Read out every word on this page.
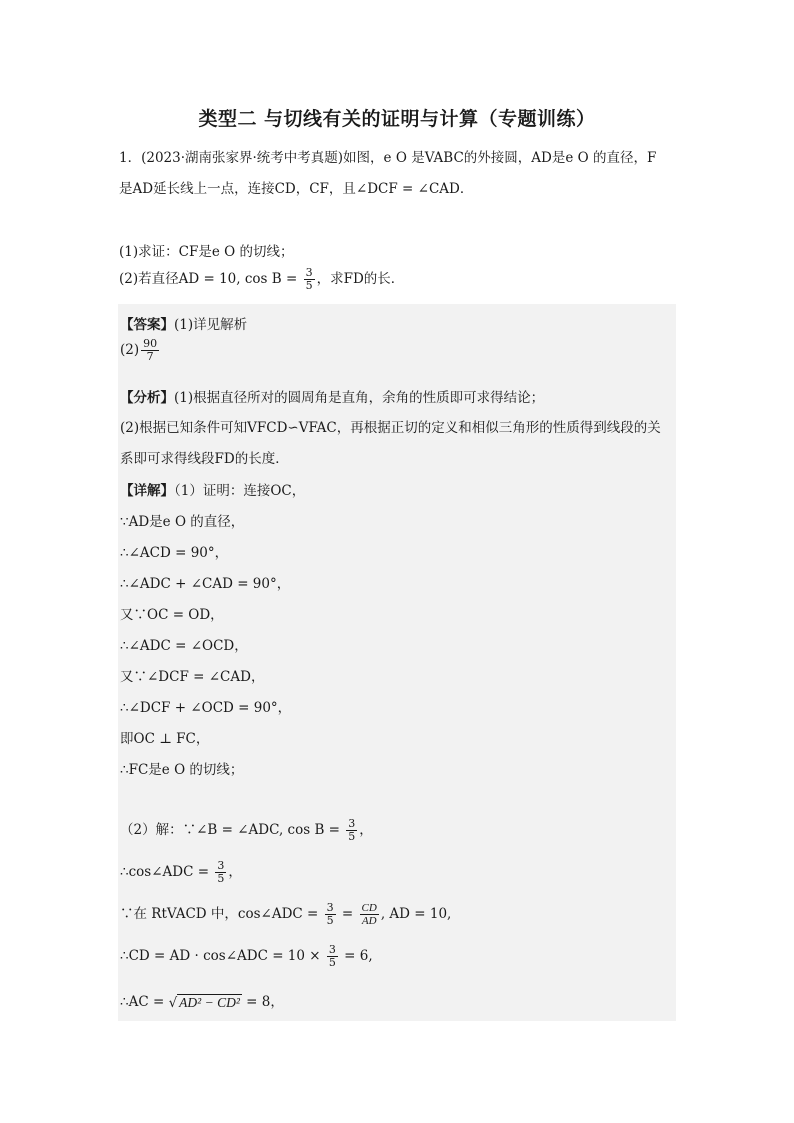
类型二 与切线有关的证明与计算（专题训练）
1．(2023·湖南张家界·统考中考真题)如图，e O 是VABC的外接圆，AD是e O 的直径，F
是AD延长线上一点，连接CD，CF，且∠DCF = ∠CAD．
(1)求证：CF是e O 的切线；
(2)若直径AD = 10, $\cos B = \frac{3}{5}$ ，求FD的长．
【答案】(1)详见解析
$(2) \frac{90}{7}$
【分析】(1)根据直径所对的圆周角是直角，余角的性质即可求得结论；
(2)根据已知条件可知VFCD∽VFAC，再根据正切的定义和相似三角形的性质得到线段的关
系即可求得线段FD的长度．
【详解】（1）证明：连接OC，
∵AD是e O 的直径，
∴∠ACD = 90°，
∴∠ADC + ∠CAD = 90°，
又∵OC = OD，
∴∠ADC = ∠OCD，
又∵∠DCF = ∠CAD，
∴∠DCF + ∠OCD = 90°，
即OC ⊥ FC，
∴FC是e O 的切线；
（2）解：∵∠B = ∠ADC, $\cos B = \frac{3}{5}$ ，
∴cos∠ADC = $\frac{3}{5}$ ，
∵在 RtVACD 中，cos∠ADC = $\frac{3}{5} = \frac{CD}{AD}$ , AD = 10,
∴CD = AD · cos∠ADC = $10 \times \frac{3}{5} = 6$,
∴AC = √ AD² − CD² = 8，
